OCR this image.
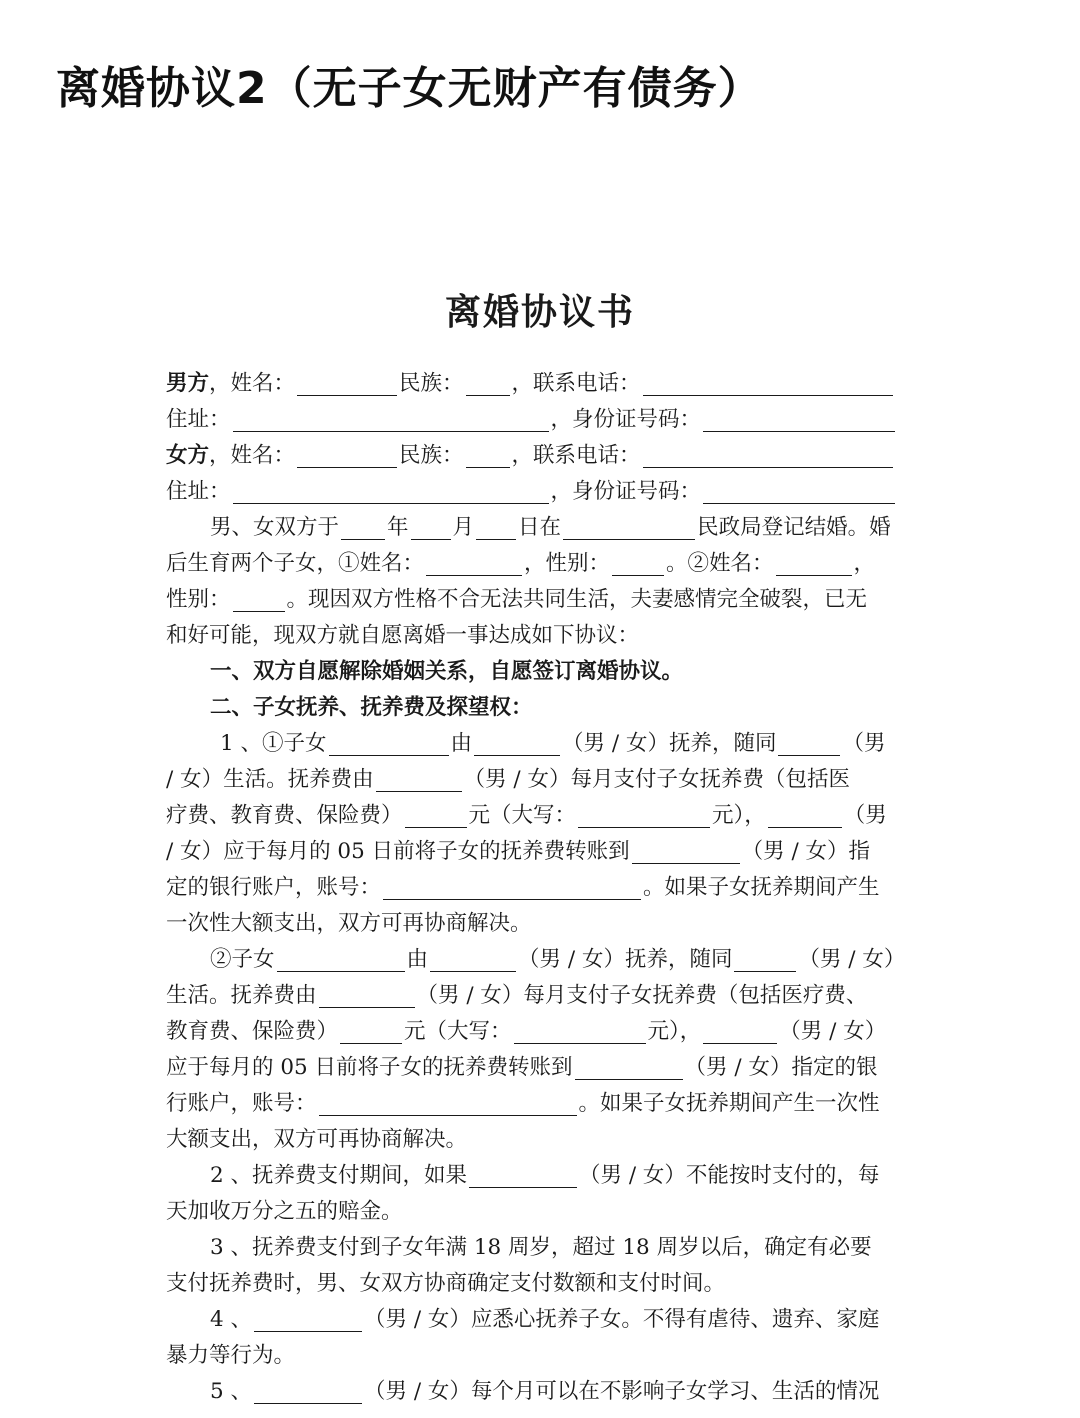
离婚协议2（无子女无财产有债务）
离婚协议书
男方，姓名：	民族： ，联系电话：
住址：	，身份证号码：
女方，姓名：	民族： ，联系电话：
住址：	，身份证号码：
男、女双方于 年 月 日在	民政局登记结婚。婚
后生育两个子女，①姓名：	，性别：	。②姓名：	，
性别：	。现因双方性格不合无法共同生活，夫妻感情完全破裂，已无
和好可能，现双方就自愿离婚一事达成如下协议：
一、双方自愿解除婚姻关系，自愿签订离婚协议。
二、子女抚养、抚养费及探望权：
1 、①子女	由	（男 / 女）抚养，随同	（男
/ 女）生活。抚养费由	（男 / 女）每月支付子女抚养费（包括医
疗费、教育费、保险费）	元（大写：	元），	（男
/ 女）应于每月的 05 日前将子女的抚养费转账到	（男 / 女）指
定的银行账户，账号：	。如果子女抚养期间产生
一次性大额支出，双方可再协商解决。
②子女	由	（男 / 女）抚养，随同	（男 / 女）
生活。抚养费由	（男 / 女）每月支付子女抚养费（包括医疗费、
教育费、保险费）	元（大写：	元），	（男 / 女）
应于每月的 05 日前将子女的抚养费转账到	（男 / 女）指定的银
行账户，账号：	。如果子女抚养期间产生一次性
大额支出，双方可再协商解决。
2 、抚养费支付期间，如果	（男 / 女）不能按时支付的，每
天加收万分之五的赔金。
3 、抚养费支付到子女年满 18 周岁，超过 18 周岁以后，确定有必要
支付抚养费时，男、女双方协商确定支付数额和支付时间。
4 、	（男 / 女）应悉心抚养子女。不得有虐待、遗弃、家庭
暴力等行为。
5 、	（男 / 女）每个月可以在不影响子女学习、生活的情况
